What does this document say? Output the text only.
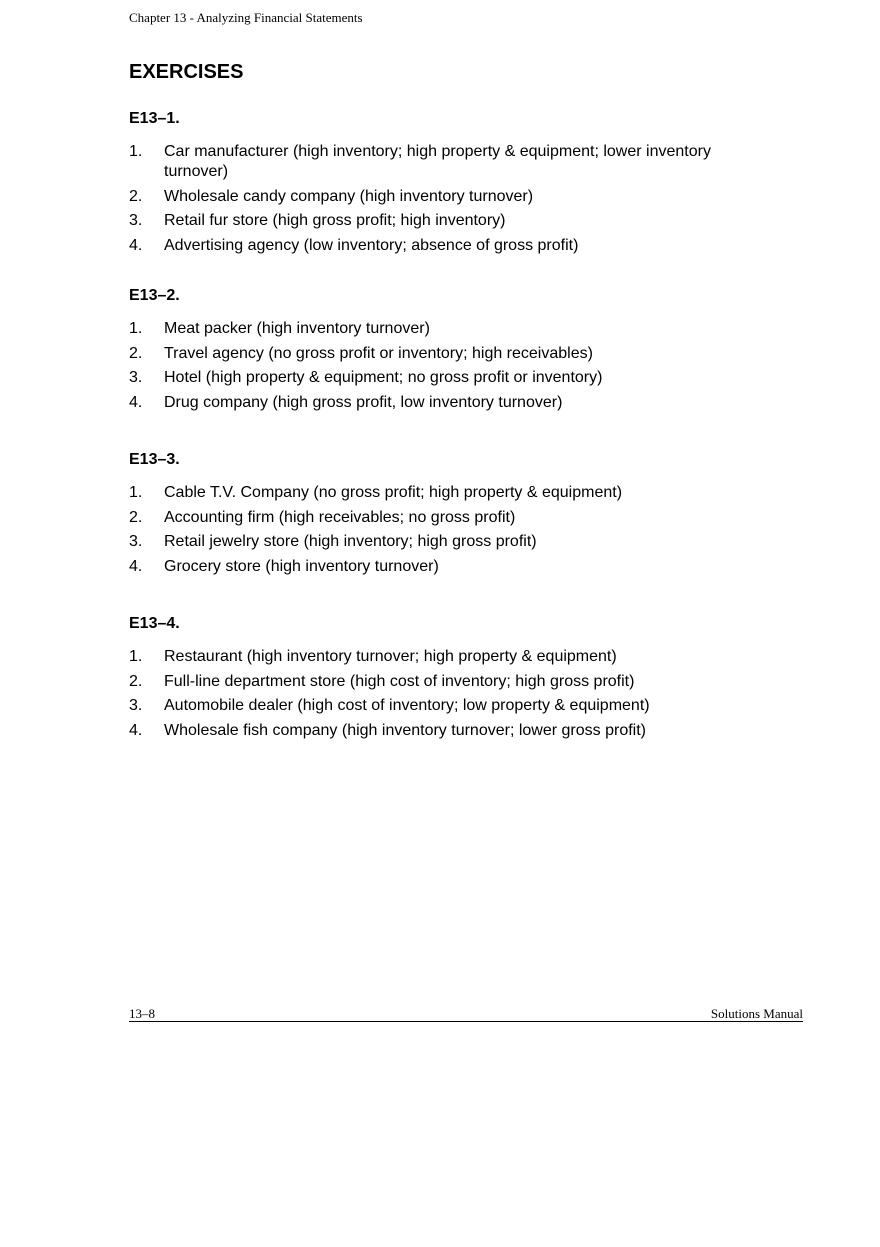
Chapter 13 - Analyzing Financial Statements
EXERCISES
E13–1.
1. Car manufacturer (high inventory; high property & equipment; lower inventory turnover)
2. Wholesale candy company (high inventory turnover)
3. Retail fur store (high gross profit; high inventory)
4. Advertising agency (low inventory; absence of gross profit)
E13–2.
1. Meat packer (high inventory turnover)
2. Travel agency (no gross profit or inventory; high receivables)
3. Hotel (high property & equipment; no gross profit or inventory)
4. Drug company (high gross profit, low inventory turnover)
E13–3.
1. Cable T.V. Company (no gross profit; high property & equipment)
2. Accounting firm (high receivables; no gross profit)
3. Retail jewelry store (high inventory; high gross profit)
4. Grocery store (high inventory turnover)
E13–4.
1. Restaurant (high inventory turnover; high property & equipment)
2. Full-line department store (high cost of inventory; high gross profit)
3. Automobile dealer (high cost of inventory; low property & equipment)
4. Wholesale fish company (high inventory turnover; lower gross profit)
13–8	Solutions Manual
